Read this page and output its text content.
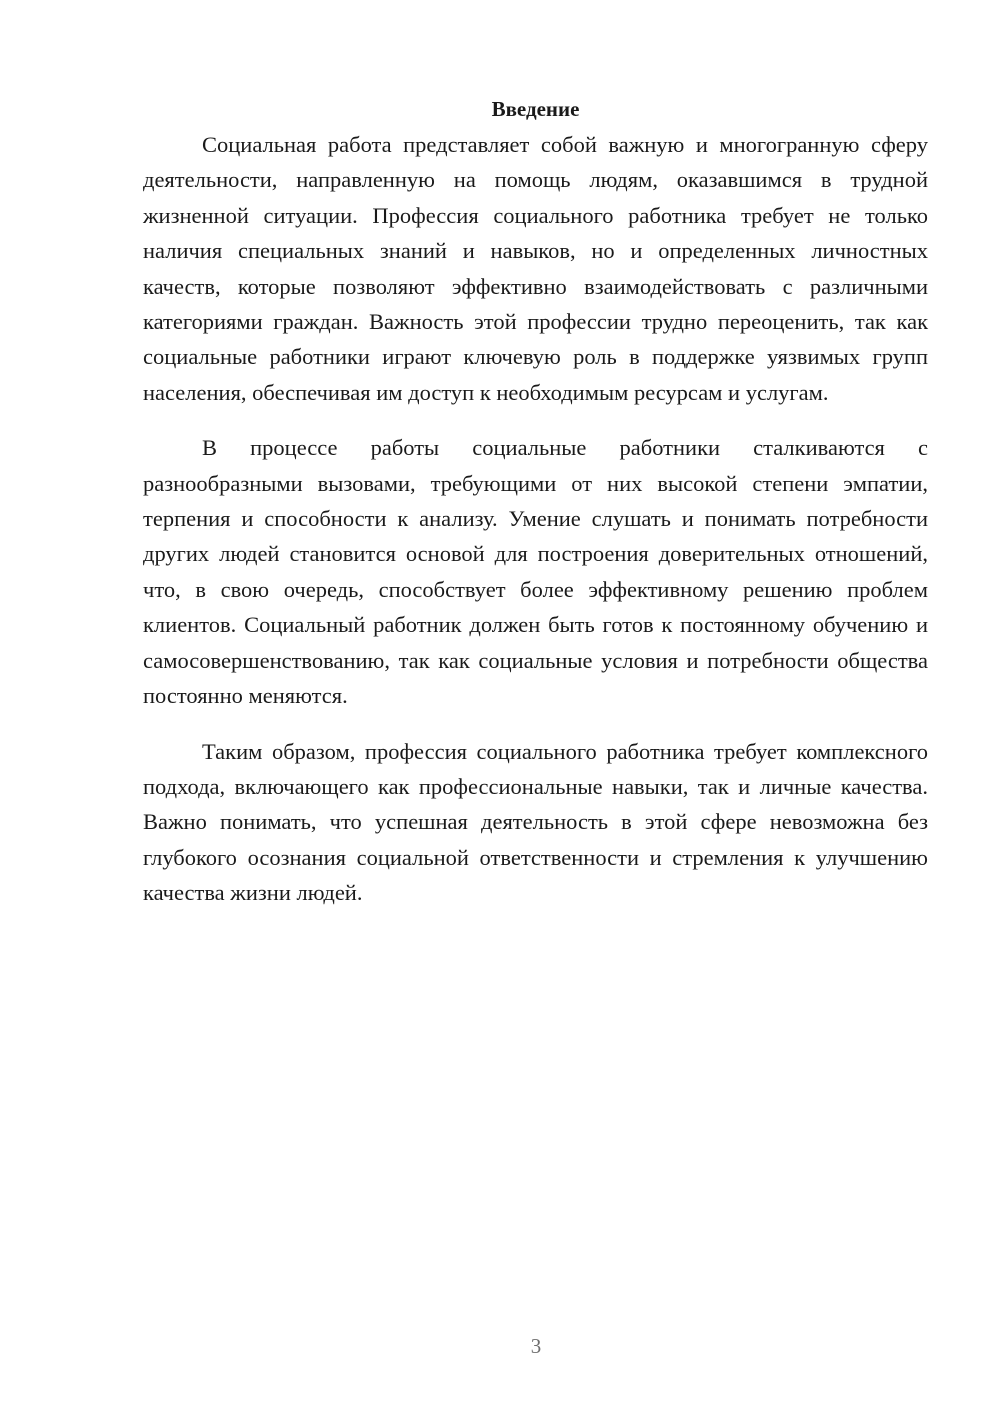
Введение

Социальная работа представляет собой важную и многогранную сферу деятельности, направленную на помощь людям, оказавшимся в трудной жизненной ситуации. Профессия социального работника требует не только наличия специальных знаний и навыков, но и определенных личностных качеств, которые позволяют эффективно взаимодействовать с различными категориями граждан. Важность этой профессии трудно переоценить, так как социальные работники играют ключевую роль в поддержке уязвимых групп населения, обеспечивая им доступ к необходимым ресурсам и услугам.

В процессе работы социальные работники сталкиваются с разнообразными вызовами, требующими от них высокой степени эмпатии, терпения и способности к анализу. Умение слушать и понимать потребности других людей становится основой для построения доверительных отношений, что, в свою очередь, способствует более эффективному решению проблем клиентов. Социальный работник должен быть готов к постоянному обучению и самосовершенствованию, так как социальные условия и потребности общества постоянно меняются.

Таким образом, профессия социального работника требует комплексного подхода, включающего как профессиональные навыки, так и личные качества. Важно понимать, что успешная деятельность в этой сфере невозможна без глубокого осознания социальной ответственности и стремления к улучшению качества жизни людей.

3
